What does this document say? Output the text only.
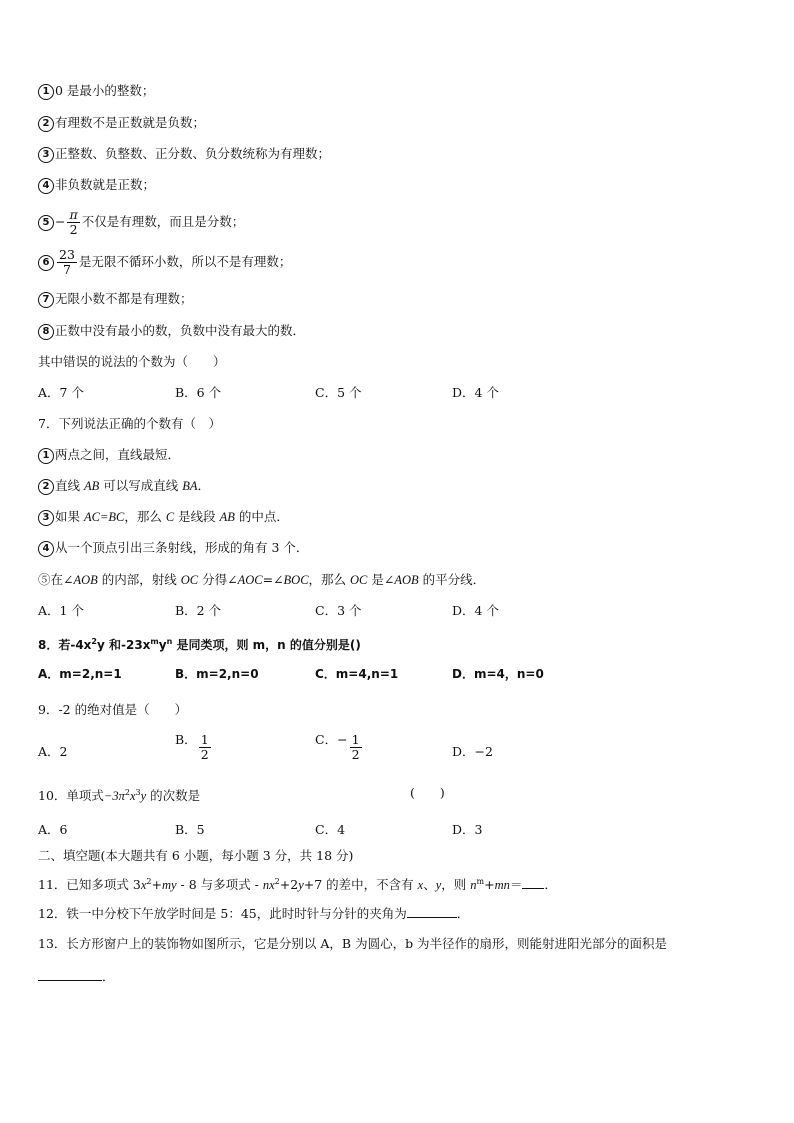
1 0 是最小的整数；
2 有理数不是正数就是负数；
3 正整数、负整数、正分数、负分数统称为有理数；
4 非负数就是正数；
$5 - \frac{\pi}{2}$ 不仅是有理数，而且是分数；
$6 \frac{23}{7}$ 是无限不循环小数，所以不是有理数；
7 无限小数不都是有理数；
8 正数中没有最小的数，负数中没有最大的数．
其中错误的说法的个数为（　　）
A．7 个	B．6 个	C．5 个	D．4 个
7．下列说法正确的个数有（　）
1 两点之间，直线最短．
2 直线 AB 可以写成直线 BA．
3 如果 AC=BC，那么 C 是线段 AB 的中点．
4 从一个顶点引出三条射线，形成的角有 3 个．
⑤在∠AOB 的内部，射线 OC 分得∠AOC=∠BOC，那么 OC 是∠AOB 的平分线．
A．1 个	B．2 个	C．3 个	D．4 个
8．若$-4x^2y$ 和$-23x^my^n$ 是同类项，则 m，n 的值分别是()
A．m=2,n=1	B．m=2,n=0	C．m=4,n=1	D．m=4，n=0
9．-2 的绝对值是（　　）
A．2
B． $\frac{1}{2}$	C．− $\frac{1}{2}$	D．−2
10．单项式$-3\pi^2x^3y$ 的次数是	(　　)
A．6	B．5	C．4	D．3
二、填空题(本大题共有 6 小题，每小题 3 分，共 18 分)
11．已知多项式 $3x^2+my - 8$ 与多项式 - $nx^2+2y+7$ 的差中，不含有 x、y，则 $n^m+mn=$ ．
12．铁一中分校下午放学时间是 5：45，此时时针与分针的夹角为	．
13．长方形窗户上的装饰物如图所示，它是分别以 A，B 为圆心，b 为半径作的扇形，则能射进阳光部分的面积是
．
